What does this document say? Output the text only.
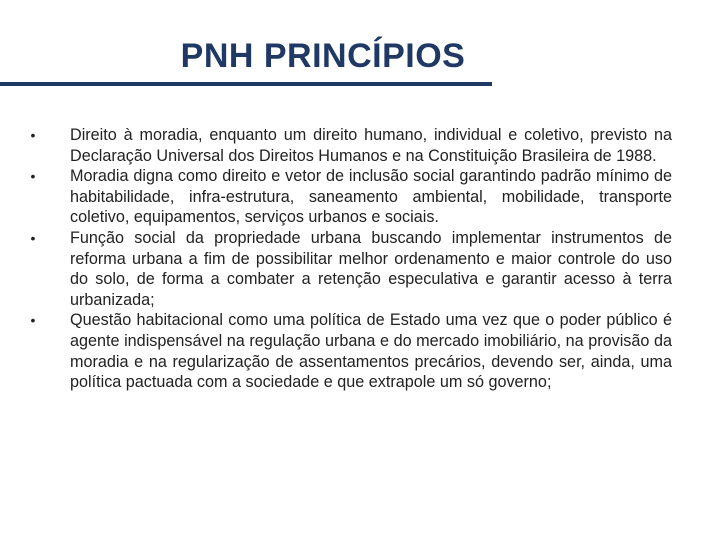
PNH PRINCÍPIOS
• Direito à moradia, enquanto um direito humano, individual e coletivo, previsto na Declaração Universal dos Direitos Humanos e na Constituição Brasileira de 1988.
• Moradia digna como direito e vetor de inclusão social garantindo padrão mínimo de habitabilidade, infra-estrutura, saneamento ambiental, mobilidade, transporte coletivo, equipamentos, serviços urbanos e sociais.
• Função social da propriedade urbana buscando implementar instrumentos de reforma urbana a fim de possibilitar melhor ordenamento e maior controle do uso do solo, de forma a combater a retenção especulativa e garantir acesso à terra urbanizada;
• Questão habitacional como uma política de Estado uma vez que o poder público é agente indispensável na regulação urbana e do mercado imobiliário, na provisão da moradia e na regularização de assentamentos precários, devendo ser, ainda, uma política pactuada com a sociedade e que extrapole um só governo;
